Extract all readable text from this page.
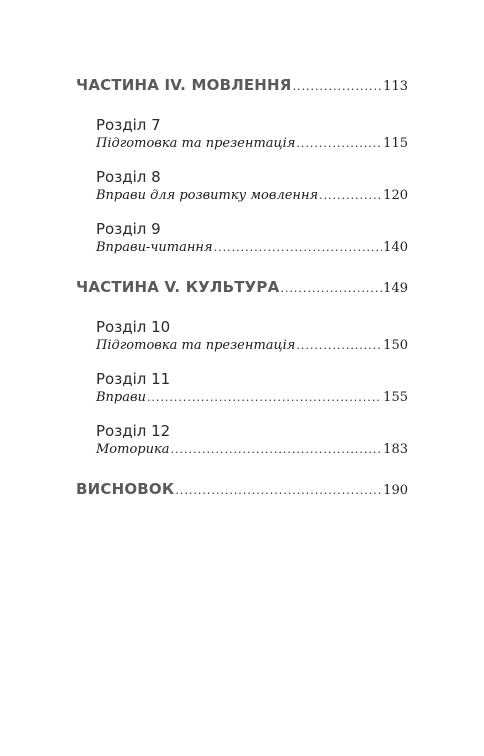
ЧАСТИНА IV. МОВЛЕННЯ .....	113
Розділ 7
Підготовка та презентація .....	115
Розділ 8
Вправи для розвитку мовлення .....	120
Розділ 9
Вправи-читання .....	140
ЧАСТИНА V. КУЛЬТУРА .....	149
Розділ 10
Підготовка та презентація .....	150
Розділ 11
Вправи .....	155
Розділ 12
Моторика .....	183
ВИСНОВОК .....	190
